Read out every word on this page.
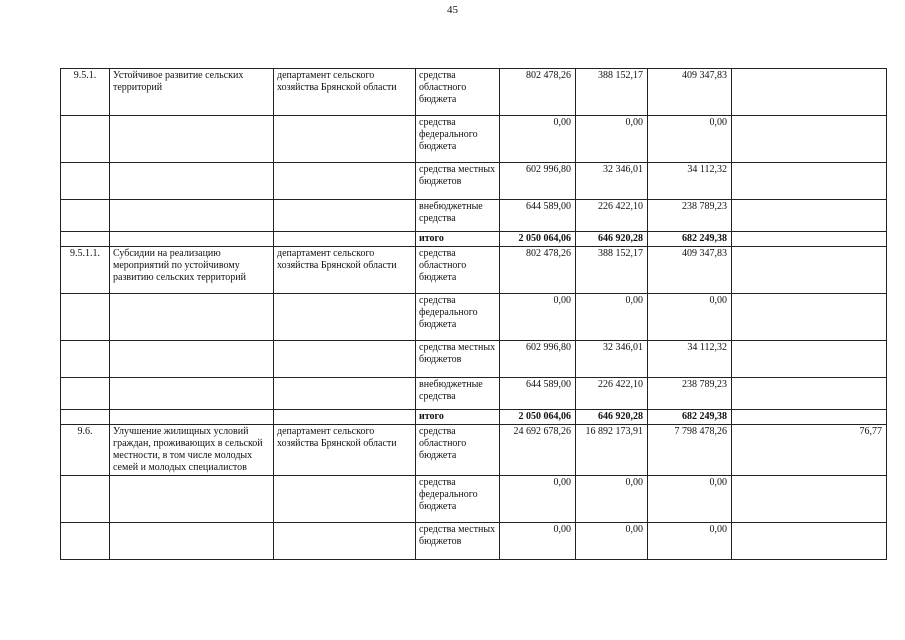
45
9.5.1.	Устойчивое развитие сельских территорий	департамент сельского хозяйства Брянской области	средства областного бюджета	802 478,26	388 152,17	409 347,83	
			средства федерального бюджета	0,00	0,00	0,00	
			средства местных бюджетов	602 996,80	32 346,01	34 112,32	
			внебюджетные средства	644 589,00	226 422,10	238 789,23	
			итого	2 050 064,06	646 920,28	682 249,38	
9.5.1.1.	Субсидии на реализацию мероприятий по устойчивому развитию сельских территорий	департамент сельского хозяйства Брянской области	средства областного бюджета	802 478,26	388 152,17	409 347,83	
			средства федерального бюджета	0,00	0,00	0,00	
			средства местных бюджетов	602 996,80	32 346,01	34 112,32	
			внебюджетные средства	644 589,00	226 422,10	238 789,23	
			итого	2 050 064,06	646 920,28	682 249,38	
9.6.	Улучшение жилищных условий граждан, проживающих в сельской местности, в том числе молодых семей и молодых специалистов	департамент сельского хозяйства Брянской области	средства областного бюджета	24 692 678,26	16 892 173,91	7 798 478,26	76,77
			средства федерального бюджета	0,00	0,00	0,00	
			средства местных бюджетов	0,00	0,00	0,00	
